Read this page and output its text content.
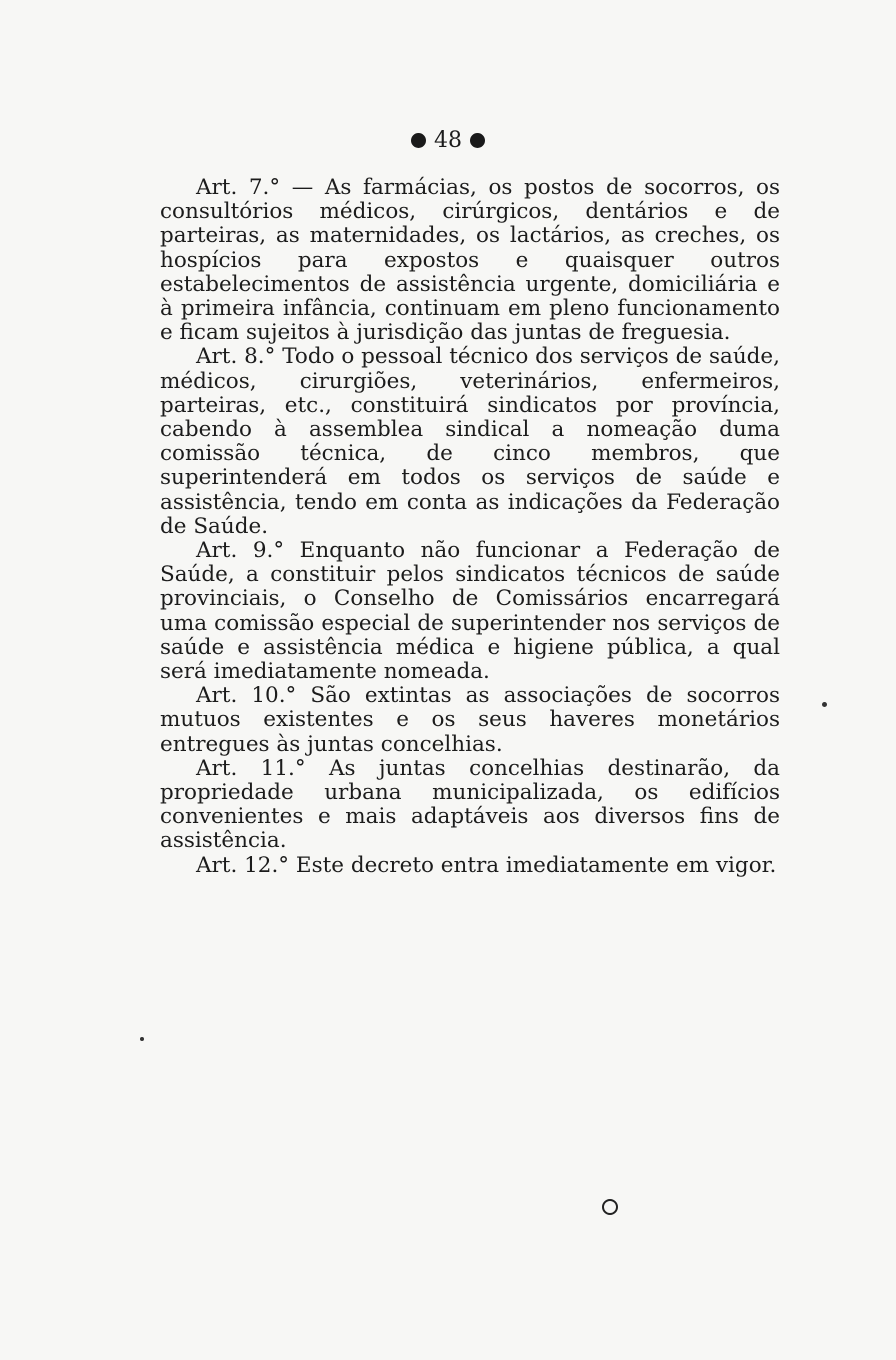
48

Art. 7.° — As farmácias, os postos de socorros, os consultórios médicos, cirúrgicos, dentários e de parteiras, as maternidades, os lactários, as creches, os hospícios para expostos e quaisquer outros estabelecimentos de assistência urgente, domiciliária e à primeira infância, continuam em pleno funcionamento e ficam sujeitos à jurisdição das juntas de freguesia.

Art. 8.° Todo o pessoal técnico dos serviços de saúde, médicos, cirurgiões, veterinários, enfermeiros, parteiras, etc., constituirá sindicatos por província, cabendo à assemblea sindical a nomeação duma comissão técnica, de cinco membros, que superintenderá em todos os serviços de saúde e assistência, tendo em conta as indicações da Federação de Saúde.

Art. 9.° Enquanto não funcionar a Federação de Saúde, a constituir pelos sindicatos técnicos de saúde provinciais, o Conselho de Comissários encarregará uma comissão especial de superintender nos serviços de saúde e assistência médica e higiene pública, a qual será imediatamente nomeada.

Art. 10.° São extintas as associações de socorros mutuos existentes e os seus haveres monetários entregues às juntas concelhias.

Art. 11.° As juntas concelhias destinarão, da propriedade urbana municipalizada, os edifícios convenientes e mais adaptáveis aos diversos fins de assistência.

Art. 12.° Este decreto entra imediatamente em vigor.
